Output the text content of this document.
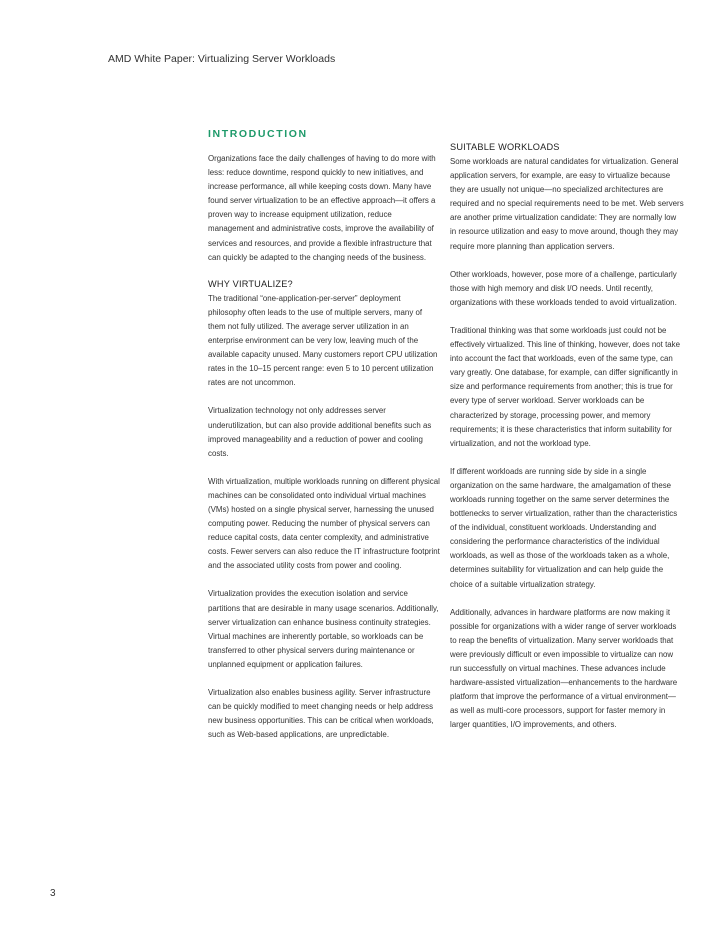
AMD White Paper: Virtualizing Server Workloads
INTRODUCTION

Organizations face the daily challenges of having to do more with less: reduce downtime, respond quickly to new initiatives, and increase performance, all while keeping costs down. Many have found server virtualization to be an effective approach—it offers a proven way to increase equipment utilization, reduce management and administrative costs, improve the availability of services and resources, and provide a flexible infrastructure that can quickly be adapted to the changing needs of the business.

WHY VIRTUALIZE?

The traditional “one-application-per-server” deployment philosophy often leads to the use of multiple servers, many of them not fully utilized. The average server utilization in an enterprise environment can be very low, leaving much of the available capacity unused. Many customers report CPU utilization rates in the 10–15 percent range: even 5 to 10 percent utilization rates are not uncommon.

Virtualization technology not only addresses server underutilization, but can also provide additional benefits such as improved manageability and a reduction of power and cooling costs.

With virtualization, multiple workloads running on different physical machines can be consolidated onto individual virtual machines (VMs) hosted on a single physical server, harnessing the unused computing power. Reducing the number of physical servers can reduce capital costs, data center complexity, and administrative costs. Fewer servers can also reduce the IT infrastructure footprint and the associated utility costs from power and cooling.

Virtualization provides the execution isolation and service partitions that are desirable in many usage scenarios. Additionally, server virtualization can enhance business continuity strategies. Virtual machines are inherently portable, so workloads can be transferred to other physical servers during maintenance or unplanned equipment or application failures.

Virtualization also enables business agility. Server infrastructure can be quickly modified to meet changing needs or help address new business opportunities. This can be critical when workloads, such as Web-based applications, are unpredictable.

SUITABLE WORKLOADS

Some workloads are natural candidates for virtualization. General application servers, for example, are easy to virtualize because they are usually not unique—no specialized architectures are required and no special requirements need to be met. Web servers are another prime virtualization candidate: They are normally low in resource utilization and easy to move around, though they may require more planning than application servers.

Other workloads, however, pose more of a challenge, particularly those with high memory and disk I/O needs. Until recently, organizations with these workloads tended to avoid virtualization.

Traditional thinking was that some workloads just could not be effectively virtualized. This line of thinking, however, does not take into account the fact that workloads, even of the same type, can vary greatly. One database, for example, can differ significantly in size and performance requirements from another; this is true for every type of server workload. Server workloads can be characterized by storage, processing power, and memory requirements; it is these characteristics that inform suitability for virtualization, and not the workload type.

If different workloads are running side by side in a single organization on the same hardware, the amalgamation of these workloads running together on the same server determines the bottlenecks to server virtualization, rather than the characteristics of the individual, constituent workloads. Understanding and considering the performance characteristics of the individual workloads, as well as those of the workloads taken as a whole, determines suitability for virtualization and can help guide the choice of a suitable virtualization strategy.

Additionally, advances in hardware platforms are now making it possible for organizations with a wider range of server workloads to reap the benefits of virtualization. Many server workloads that were previously difficult or even impossible to virtualize can now run successfully on virtual machines. These advances include hardware-assisted virtualization—enhancements to the hardware platform that improve the performance of a virtual environment—as well as multi-core processors, support for faster memory in larger quantities, I/O improvements, and others.

3
